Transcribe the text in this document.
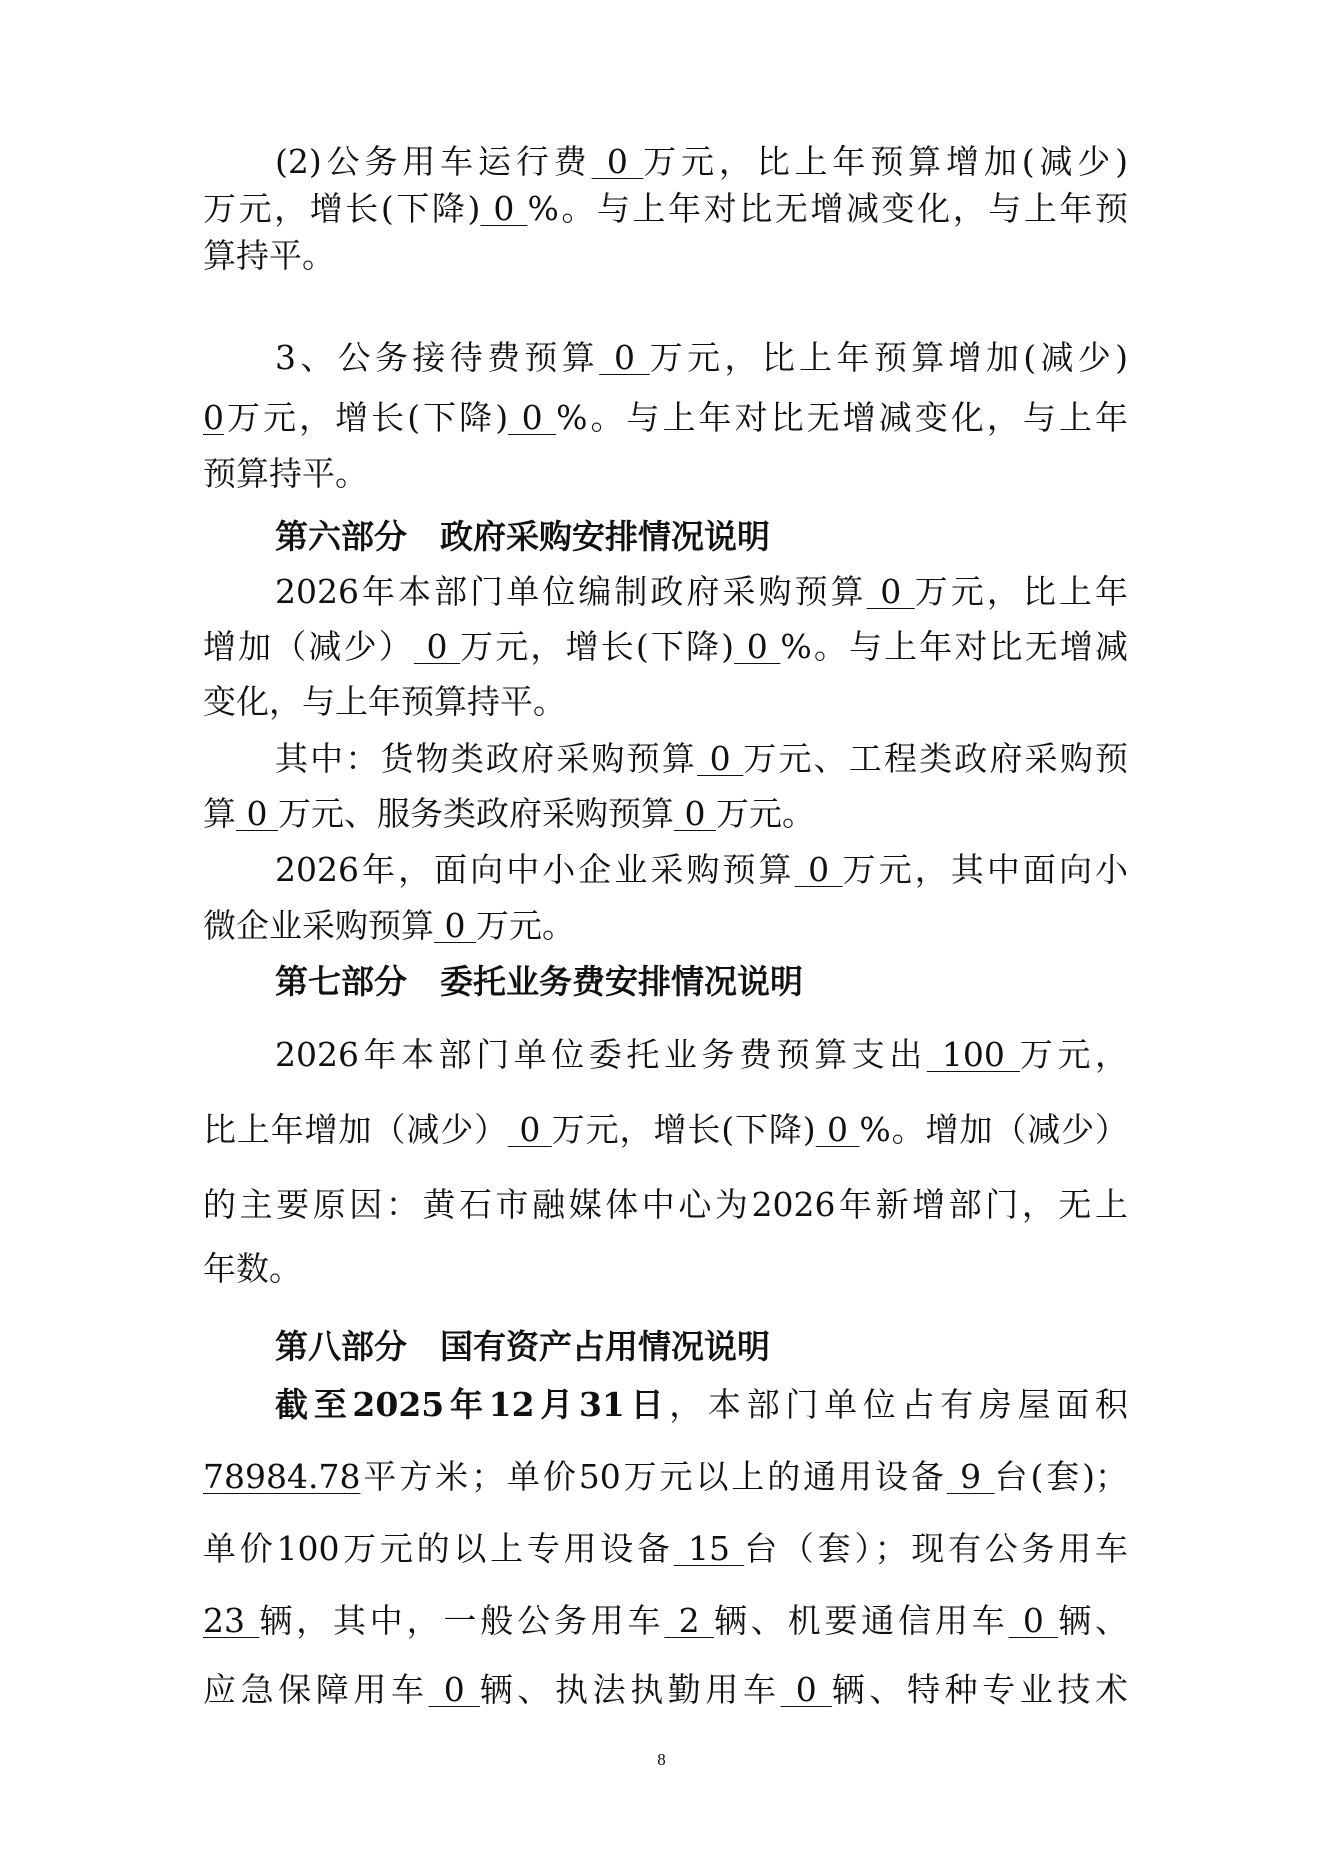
(2)公务用车运行费 0 万元，比上年预算增加(减少)
万元，增长(下降) 0 %。与上年对比无增减变化，与上年预
算持平。
3、公务接待费预算 0 万元，比上年预算增加(减少)
0万元，增长(下降) 0 %。与上年对比无增减变化，与上年
预算持平。
第六部分　政府采购安排情况说明
2026年本部门单位编制政府采购预算 0 万元，比上年
增加（减少） 0 万元，增长(下降) 0 %。与上年对比无增减
变化，与上年预算持平。
其中：货物类政府采购预算 0 万元、工程类政府采购预
算 0 万元、服务类政府采购预算 0 万元。
2026年，面向中小企业采购预算 0 万元，其中面向小
微企业采购预算 0 万元。
第七部分　委托业务费安排情况说明
2026年本部门单位委托业务费预算支出 100 万元，
比上年增加（减少） 0 万元，增长(下降) 0 %。增加（减少）
的主要原因：黄石市融媒体中心为2026年新增部门，无上
年数。
第八部分　国有资产占用情况说明
截至2025年12月31日，本部门单位占有房屋面积
78984.78平方米；单价50万元以上的通用设备 9 台(套)；
单价100万元的以上专用设备 15 台（套）；现有公务用车
23 辆，其中，一般公务用车 2 辆、机要通信用车 0 辆、
应急保障用车 0 辆、执法执勤用车 0 辆、特种专业技术
8
